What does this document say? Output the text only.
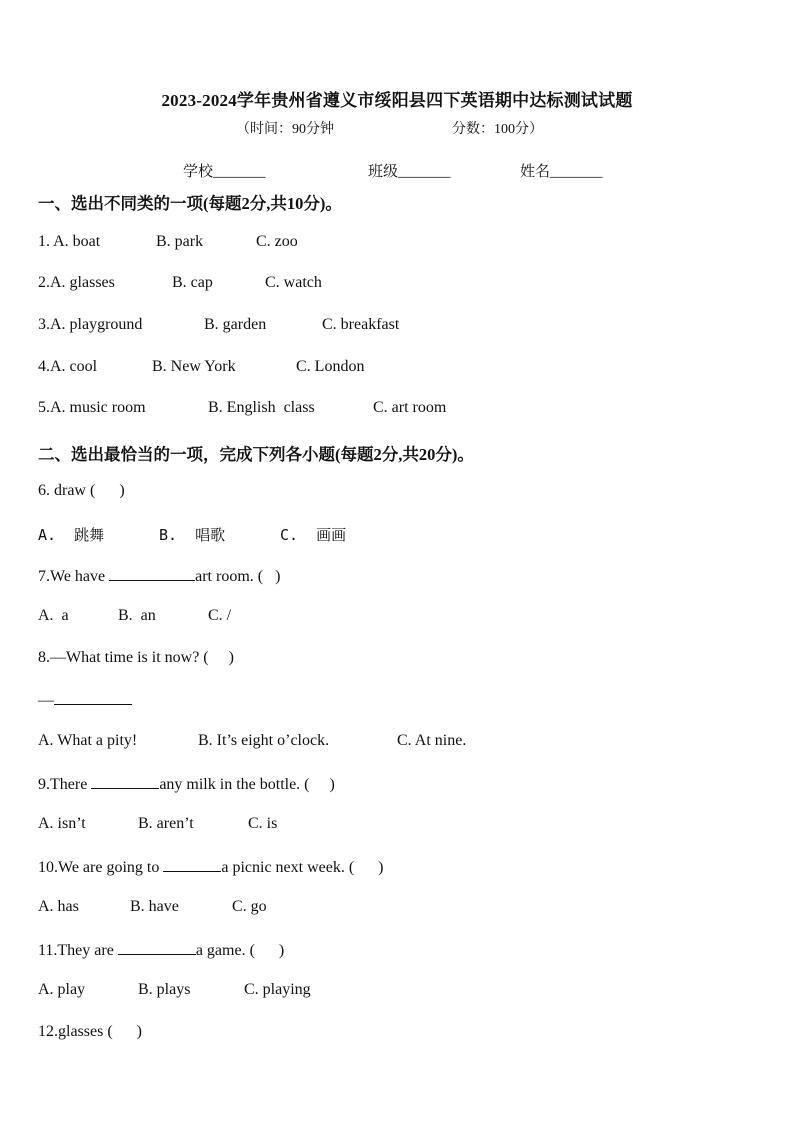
2023-2024学年贵州省遵义市绥阳县四下英语期中达标测试试题
（时间：90分钟	分数：100分）
学校_______	班级_______	姓名_______
一、选出不同类的一项(每题2分,共10分)。
1. A. boat	B. park	C. zoo
2.A. glasses	B. cap	C. watch
3.A. playground	B. garden	C. breakfast
4.A. cool	B. New York	C. London
5.A. music room	B. English  class	C. art room
二、选出最恰当的一项，完成下列各小题(每题2分,共20分)。
6. draw (      )
A.  跳舞	B.  唱歌	C.  画画
7.We have	art room. (   )
A.  a	B.  an	C. /
8.—What time is it now? (     )
—
A. What a pity!	B. It’s eight o’clock.	C. At nine.
9.There	any milk in the bottle. (     )
A. isn’t	B. aren’t	C. is
10.We are going to	a picnic next week. (      )
A. has	B. have	C. go
11.They are	a game. (      )
A. play	B. plays	C. playing
12.glasses (      )
